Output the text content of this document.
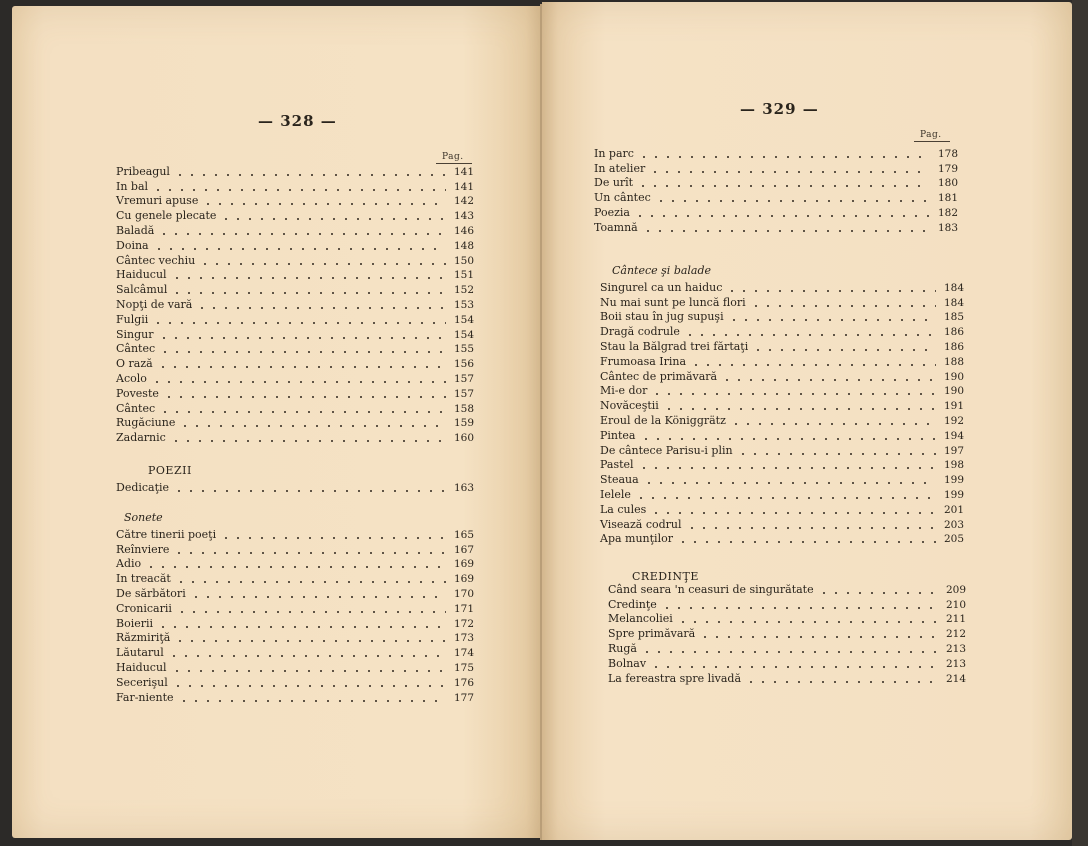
— 328 —
Pag.
Pribeagul	141
In bal	141
Vremuri apuse	142
Cu genele plecate	143
Baladă	146
Doina	148
Cântec vechiu	150
Haiducul	151
Salcâmul	152
Nopţi de vară	153
Fulgii	154
Singur	154
Cântec	155
O rază	156
Acolo	157
Poveste	157
Cântec	158
Rugăciune	159
Zadarnic	160
POEZII
Dedicaţie	163
Sonete
Către tinerii poeţi	165
Reînviere	167
Adio	169
In treacăt	169
De sărbători	170
Cronicarii	171
Boierii	172
Răzmiriţă	173
Lăutarul	174
Haiducul	175
Secerişul	176
Far-niente	177
— 329 —
Pag.
In parc	178
In atelier	179
De urît	180
Un cântec	181
Poezia	182
Toamnă	183
Cântece şi balade
Singurel ca un haiduc	184
Nu mai sunt pe luncă flori	184
Boii stau în jug supuşi	185
Dragă codrule	186
Stau la Bălgrad trei fărtaţi	186
Frumoasa Irina	188
Cântec de primăvară	190
Mi-e dor	190
Novăceştii	191
Eroul de la Königgrätz	192
Pintea	194
De cântece Parisu-i plin	197
Pastel	198
Steaua	199
Ielele	199
La cules	201
Visează codrul	203
Apa munţilor	205
CREDINŢE
Când seara 'n ceasuri de singurătate	209
Credinţe	210
Melancoliei	211
Spre primăvară	212
Rugă	213
Bolnav	213
La fereastra spre livadă	214
